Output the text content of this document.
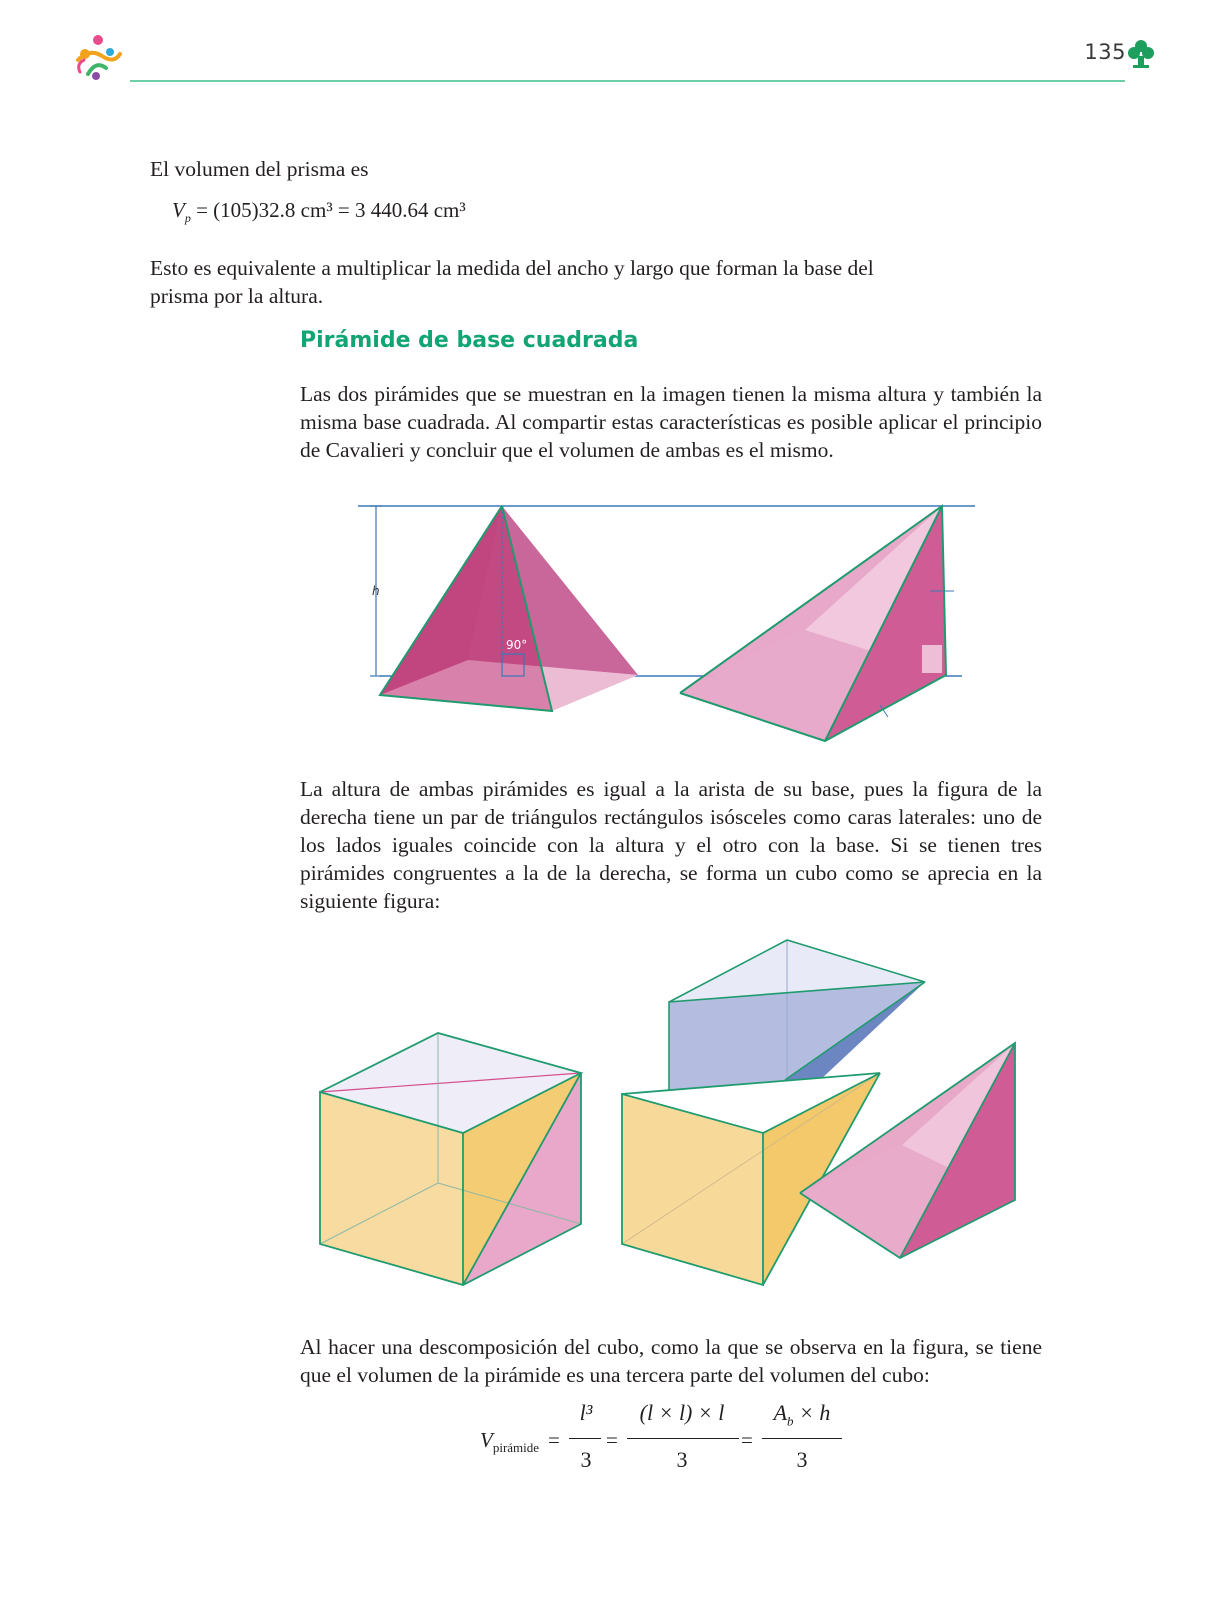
135
El volumen del prisma es
$V_p = (105)32.8$ cm³ = 3 440.64 cm³
Esto es equivalente a multiplicar la medida del ancho y largo que forman la base del prisma por la altura.
Pirámide de base cuadrada
Las dos pirámides que se muestran en la imagen tienen la misma altura y también la misma base cuadrada. Al compartir estas características es posible aplicar el principio de Cavalieri y concluir que el volumen de ambas es el mismo.
h
90°
La altura de ambas pirámides es igual a la arista de su base, pues la figura de la derecha tiene un par de triángulos rectángulos isósceles como caras laterales: uno de los lados iguales coincide con la altura y el otro con la base. Si se tienen tres pirámides congruentes a la de la derecha, se forma un cubo como se aprecia en la siguiente figura:
Al hacer una descomposición del cubo, como la que se observa en la figura, se tiene que el volumen de la pirámide es una tercera parte del volumen del cubo:
$V_{pirámide}$ =
l³
3
=
(l × l) × l
3
=
$A_b \times h$
3
